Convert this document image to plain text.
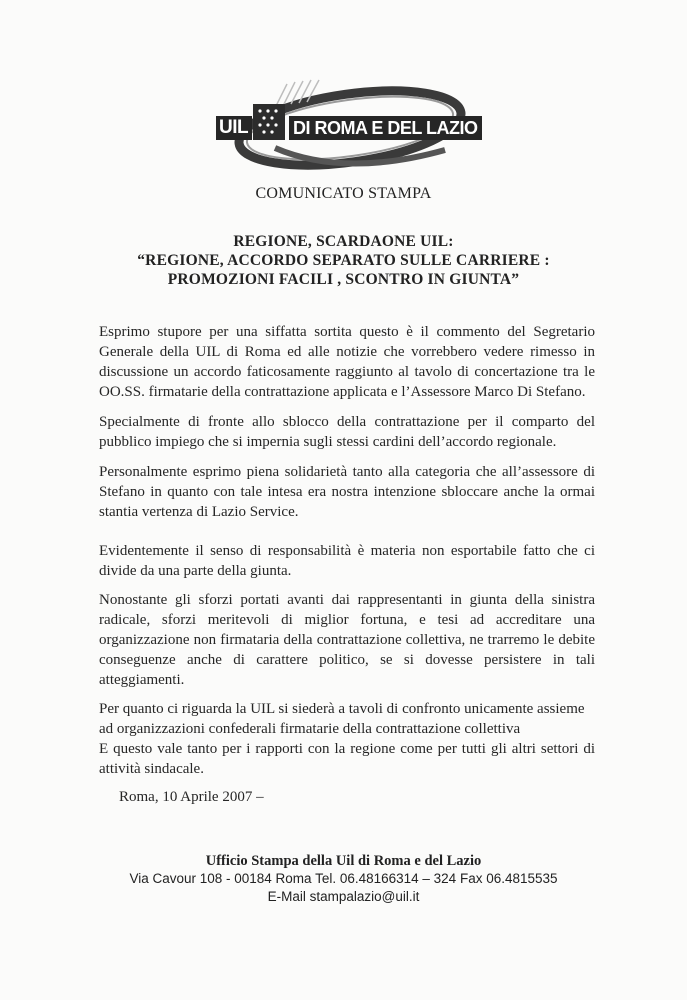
UIL DI ROMA E DEL LAZIO

COMUNICATO STAMPA

REGIONE, SCARDAONE UIL:
“REGIONE, ACCORDO SEPARATO SULLE CARRIERE :
PROMOZIONI FACILI , SCONTRO IN GIUNTA”

Esprimo stupore per una siffatta sortita questo è il commento del Segretario Generale della UIL di Roma ed alle notizie che vorrebbero vedere rimesso in discussione un accordo faticosamente raggiunto al tavolo di concertazione tra le OO.SS. firmatarie della contrattazione applicata e l’Assessore Marco Di Stefano.

Specialmente di fronte allo sblocco della contrattazione per il comparto del pubblico impiego che si impernia sugli stessi cardini dell’accordo regionale.

Personalmente esprimo piena solidarietà tanto alla categoria che all’assessore di Stefano in quanto con tale intesa era nostra intenzione sbloccare anche la ormai stantia vertenza di Lazio Service.

Evidentemente il senso di responsabilità è materia non esportabile fatto che ci divide da una parte della giunta.

Nonostante gli sforzi portati avanti dai rappresentanti in giunta della sinistra radicale, sforzi meritevoli di miglior fortuna, e tesi ad accreditare una organizzazione non firmataria della contrattazione collettiva, ne trarremo le debite conseguenze anche di carattere politico, se si dovesse persistere in tali atteggiamenti.

Per quanto ci riguarda la UIL si siederà a tavoli di confronto unicamente assieme ad organizzazioni confederali firmatarie della contrattazione collettiva
E questo vale tanto per i rapporti con la regione come per tutti gli altri settori di attività sindacale.
Roma, 10 Aprile 2007 –
Ufficio Stampa della Uil di Roma e del Lazio
Via Cavour 108 - 00184 Roma Tel. 06.48166314 – 324 Fax 06.4815535
E-Mail stampalazio@uil.it
